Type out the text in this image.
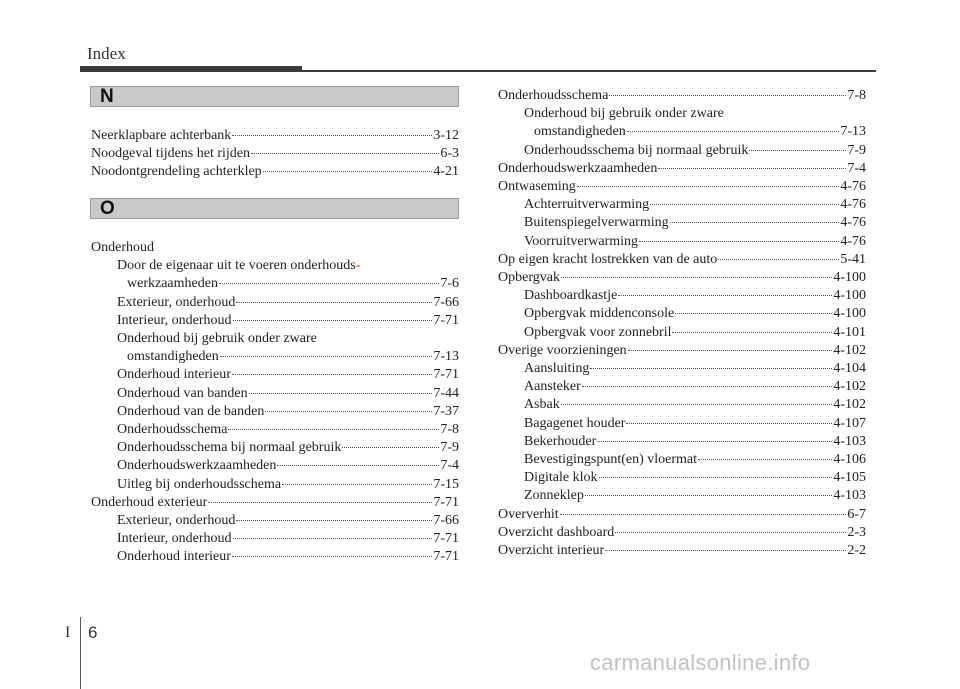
Index
N
Neerklapbare achterbank	3-12
Noodgeval tijdens het rijden	6-3
Noodontgrendeling achterklep	4-21
O
Onderhoud
Door de eigenaar uit te voeren onderhouds-
werkzaamheden	7-6
Exterieur, onderhoud	7-66
Interieur, onderhoud	7-71
Onderhoud bij gebruik onder zware
omstandigheden	7-13
Onderhoud interieur	7-71
Onderhoud van banden	7-44
Onderhoud van de banden	7-37
Onderhoudsschema	7-8
Onderhoudsschema bij normaal gebruik	7-9
Onderhoudswerkzaamheden	7-4
Uitleg bij onderhoudsschema	7-15
Onderhoud exterieur	7-71
Exterieur, onderhoud	7-66
Interieur, onderhoud	7-71
Onderhoud interieur	7-71
Onderhoudsschema	7-8
Onderhoud bij gebruik onder zware
omstandigheden	7-13
Onderhoudsschema bij normaal gebruik	7-9
Onderhoudswerkzaamheden	7-4
Ontwaseming	4-76
Achterruitverwarming	4-76
Buitenspiegelverwarming	4-76
Voorruitverwarming	4-76
Op eigen kracht lostrekken van de auto	5-41
Opbergvak	4-100
Dashboardkastje	4-100
Opbergvak middenconsole	4-100
Opbergvak voor zonnebril	4-101
Overige voorzieningen	4-102
Aansluiting	4-104
Aansteker	4-102
Asbak	4-102
Bagagenet houder	4-107
Bekerhouder	4-103
Bevestigingspunt(en) vloermat	4-106
Digitale klok	4-105
Zonneklep	4-103
Oververhit	6-7
Overzicht dashboard	2-3
Overzicht interieur	2-2
I 6
carmanualsonline.info
